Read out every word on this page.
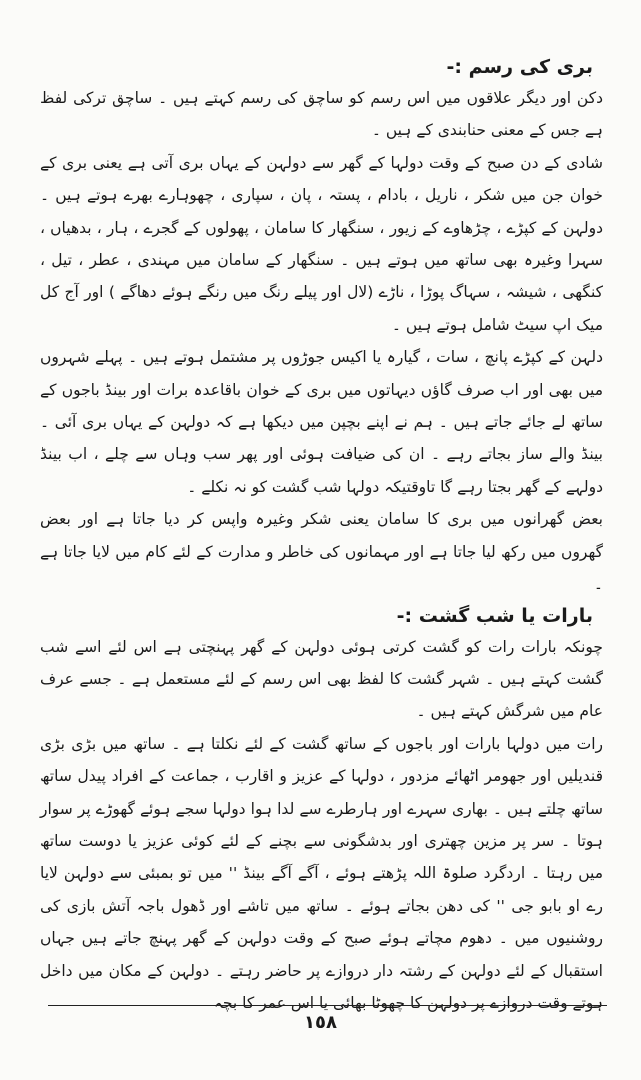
بری کی رسم :-

دکن اور دیگر علاقوں میں اس رسم کو ساچق کی رسم کہتے ہیں ۔ ساچق ترکی لفظ ہے جس کے معنی حنابندی کے ہیں ۔

شادی کے دن صبح کے وقت دولہا کے گھر سے دولہن کے یہاں بری آتی ہے یعنی بری کے خوان جن میں شکر ، ناریل ، بادام ، پستہ ، پان ، سپاری ، چھوہارے بھرے ہوتے ہیں ۔ دولہن کے کپڑے ، چڑھاوے کے زیور ، سنگھار کا سامان ، پھولوں کے گجرے ، ہار ، بدھیاں ، سہرا وغیرہ بھی ساتھ میں ہوتے ہیں ۔ سنگھار کے سامان میں مہندی ، عطر ، تیل ، کنگھی ، شیشہ ، سہاگ پوڑا ، ناڑے (لال اور پیلے رنگ میں رنگے ہوئے دھاگے ) اور آج کل میک اپ سیٹ شامل ہوتے ہیں ۔

دلہن کے کپڑے پانچ ، سات ، گیارہ یا اکیس جوڑوں پر مشتمل ہوتے ہیں ۔ پہلے شہروں میں بھی اور اب صرف گاؤں دیہاتوں میں بری کے خوان باقاعدہ برات اور بینڈ باجوں کے ساتھ لے جائے جاتے ہیں ۔ ہم نے اپنے بچپن میں دیکھا ہے کہ دولہن کے یہاں بری آئی ۔ بینڈ والے ساز بجاتے رہے ۔ ان کی ضیافت ہوئی اور پھر سب وہاں سے چلے ، اب بینڈ دولہے کے گھر بجتا رہے گا تاوقتیکہ دولہا شب گشت کو نہ نکلے ۔

بعض گھرانوں میں بری کا سامان یعنی شکر وغیرہ واپس کر دیا جاتا ہے اور بعض گھروں میں رکھ لیا جاتا ہے اور مہمانوں کی خاطر و مدارت کے لئے کام میں لایا جاتا ہے ۔

بارات یا شب گشت :-

چونکہ بارات رات کو گشت کرتی ہوئی دولہن کے گھر پہنچتی ہے اس لئے اسے شب گشت کہتے ہیں ۔ شہر گشت کا لفظ بھی اس رسم کے لئے مستعمل ہے ۔ جسے عرف عام میں شرگش کہتے ہیں ۔

رات میں دولہا بارات اور باجوں کے ساتھ گشت کے لئے نکلتا ہے ۔ ساتھ میں بڑی بڑی قندیلیں اور جھومر اٹھائے مزدور ، دولہا کے عزیز و اقارب ، جماعت کے افراد پیدل ساتھ ساتھ چلتے ہیں ۔ بھاری سہرے اور ہارطرے سے لدا ہوا دولہا سجے ہوئے گھوڑے پر سوار ہوتا ۔ سر پر مزین چھتری اور بدشگونی سے بچنے کے لئے کوئی عزیز یا دوست ساتھ میں رہتا ۔ اردگرد صلوۃ اللہ پڑھتے ہوئے ، آگے آگے بینڈ '' میں تو بمبئی سے دولہن لایا رے او بابو جی '' کی دھن بجاتے ہوئے ۔ ساتھ میں تاشے اور ڈھول باجہ آتش بازی کی روشنیوں میں ۔ دھوم مچاتے ہوئے صبح کے وقت دولہن کے گھر پہنچ جاتے ہیں جہاں استقبال کے لئے دولہن کے رشتہ دار دروازے پر حاضر رہتے ۔ دولہن کے مکان میں داخل ہوتے وقت دروازے پر دولہن کا چھوٹا بھائی یا اس عمر کا بچہ

١٥٨
